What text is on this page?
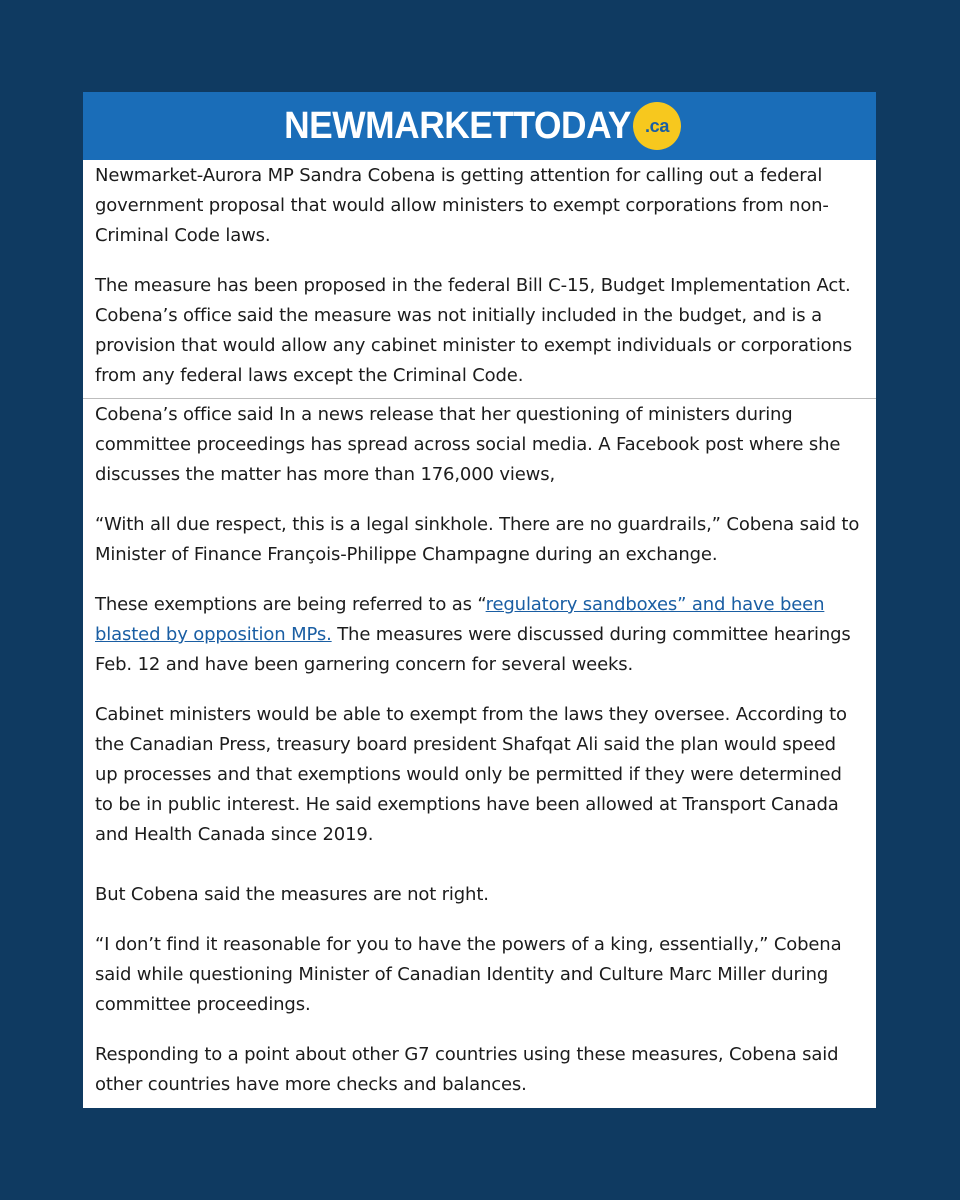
NEWMARKETTODAY .ca

Newmarket-Aurora MP Sandra Cobena is getting attention for calling out a federal government proposal that would allow ministers to exempt corporations from non-Criminal Code laws.

The measure has been proposed in the federal Bill C-15, Budget Implementation Act. Cobena’s office said the measure was not initially included in the budget, and is a provision that would allow any cabinet minister to exempt individuals or corporations from any federal laws except the Criminal Code.

Cobena’s office said In a news release that her questioning of ministers during committee proceedings has spread across social media. A Facebook post where she discusses the matter has more than 176,000 views,

“With all due respect, this is a legal sinkhole. There are no guardrails,” Cobena said to Minister of Finance François-Philippe Champagne during an exchange.

These exemptions are being referred to as “regulatory sandboxes” and have been blasted by opposition MPs. The measures were discussed during committee hearings Feb. 12 and have been garnering concern for several weeks.

Cabinet ministers would be able to exempt from the laws they oversee. According to the Canadian Press, treasury board president Shafqat Ali said the plan would speed up processes and that exemptions would only be permitted if they were determined to be in public interest. He said exemptions have been allowed at Transport Canada and Health Canada since 2019.

But Cobena said the measures are not right.

“I don’t find it reasonable for you to have the powers of a king, essentially,” Cobena said while questioning Minister of Canadian Identity and Culture Marc Miller during committee proceedings.

Responding to a point about other G7 countries using these measures, Cobena said other countries have more checks and balances.
